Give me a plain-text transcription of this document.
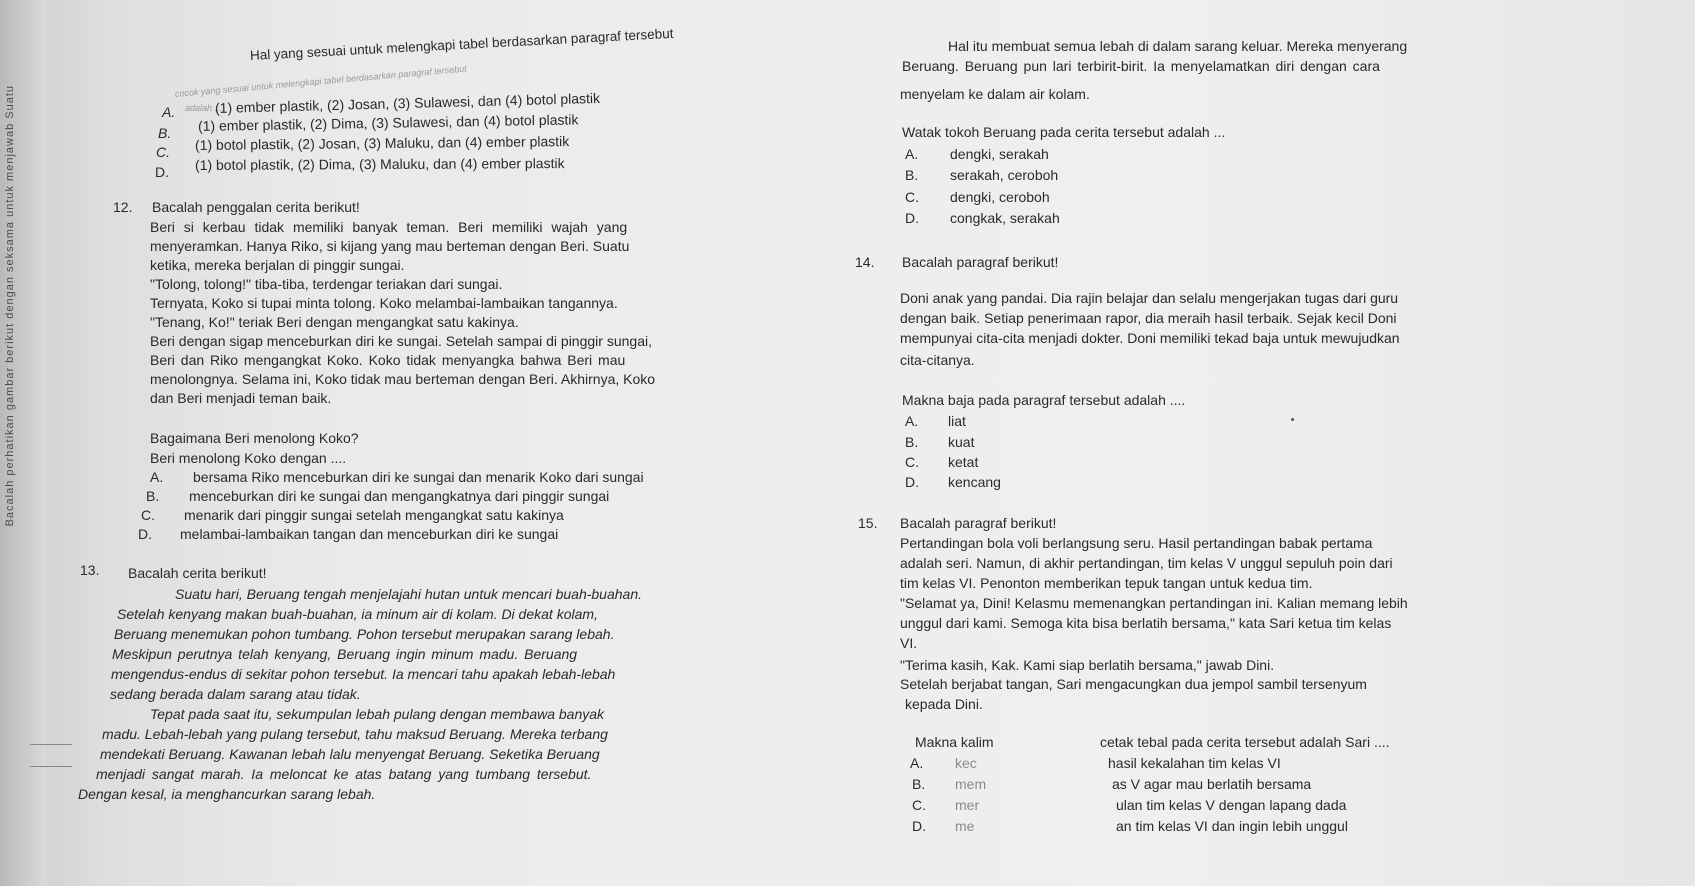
Bacalah perhatikan gambar berikut dengan seksama untuk menjawab Suatu
Hal yang sesuai untuk melengkapi tabel berdasarkan paragraf tersebut
cocok yang sesuai untuk melengkapi tabel berdasarkan paragraf tersebut
adalah ....
A.	(1) ember plastik, (2) Josan, (3) Sulawesi, dan (4) botol plastik
B. (1) ember plastik, (2) Dima, (3) Sulawesi, dan (4) botol plastik
C. (1) botol plastik, (2) Josan, (3) Maluku, dan (4) ember plastik
D. (1) botol plastik, (2) Dima, (3) Maluku, dan (4) ember plastik
12. Bacalah penggalan cerita berikut!
Beri si kerbau tidak memiliki banyak teman. Beri memiliki wajah yang
menyeramkan. Hanya Riko, si kijang yang mau berteman dengan Beri. Suatu
ketika, mereka berjalan di pinggir sungai.
"Tolong, tolong!" tiba-tiba, terdengar teriakan dari sungai.
Ternyata, Koko si tupai minta tolong. Koko melambai-lambaikan tangannya.
"Tenang, Ko!" teriak Beri dengan mengangkat satu kakinya.
Beri dengan sigap menceburkan diri ke sungai. Setelah sampai di pinggir sungai,
Beri dan Riko mengangkat Koko. Koko tidak menyangka bahwa Beri mau
menolongnya. Selama ini, Koko tidak mau berteman dengan Beri. Akhirnya, Koko
dan Beri menjadi teman baik.
Bagaimana Beri menolong Koko?
Beri menolong Koko dengan ....
A. bersama Riko menceburkan diri ke sungai dan menarik Koko dari sungai
B. menceburkan diri ke sungai dan mengangkatnya dari pinggir sungai
C. menarik dari pinggir sungai setelah mengangkat satu kakinya
D. melambai-lambaikan tangan dan menceburkan diri ke sungai
13. Bacalah cerita berikut!
Suatu hari, Beruang tengah menjelajahi hutan untuk mencari buah-buahan.
Setelah kenyang makan buah-buahan, ia minum air di kolam. Di dekat kolam,
Beruang menemukan pohon tumbang. Pohon tersebut merupakan sarang lebah.
Meskipun perutnya telah kenyang, Beruang ingin minum madu. Beruang
mengendus-endus di sekitar pohon tersebut. Ia mencari tahu apakah lebah-lebah
sedang berada dalam sarang atau tidak.
Tepat pada saat itu, sekumpulan lebah pulang dengan membawa banyak
madu. Lebah-lebah yang pulang tersebut, tahu maksud Beruang. Mereka terbang
mendekati Beruang. Kawanan lebah lalu menyengat Beruang. Seketika Beruang
menjadi sangat marah. Ia meloncat ke atas batang yang tumbang tersebut.
Dengan kesal, ia menghancurkan sarang lebah.
Hal itu membuat semua lebah di dalam sarang keluar. Mereka menyerang
Beruang. Beruang pun lari terbirit-birit. Ia menyelamatkan diri dengan cara
menyelam ke dalam air kolam.
Watak tokoh Beruang pada cerita tersebut adalah ...
A. dengki, serakah
B. serakah, ceroboh
C. dengki, ceroboh
D. congkak, serakah
14. Bacalah paragraf berikut!
Doni anak yang pandai. Dia rajin belajar dan selalu mengerjakan tugas dari guru
dengan baik. Setiap penerimaan rapor, dia meraih hasil terbaik. Sejak kecil Doni
mempunyai cita-cita menjadi dokter. Doni memiliki tekad baja untuk mewujudkan
cita-citanya.
Makna baja pada paragraf tersebut adalah ....
A. liat
B. kuat
C. ketat
D. kencang
15. Bacalah paragraf berikut!
Pertandingan bola voli berlangsung seru. Hasil pertandingan babak pertama
adalah seri. Namun, di akhir pertandingan, tim kelas V unggul sepuluh poin dari
tim kelas VI. Penonton memberikan tepuk tangan untuk kedua tim.
"Selamat ya, Dini! Kelasmu memenangkan pertandingan ini. Kalian memang lebih
unggul dari kami. Semoga kita bisa berlatih bersama," kata Sari ketua tim kelas
VI.
"Terima kasih, Kak. Kami siap berlatih bersama," jawab Dini.
Setelah berjabat tangan, Sari mengacungkan dua jempol sambil tersenyum
kepada Dini.
Makna kalim	cetak tebal pada cerita tersebut adalah Sari ....
A. kec	hasil kekalahan tim kelas VI
B. mem	as V agar mau berlatih bersama
C. mer	ulan tim kelas V dengan lapang dada
D. me	an tim kelas VI dan ingin lebih unggul
